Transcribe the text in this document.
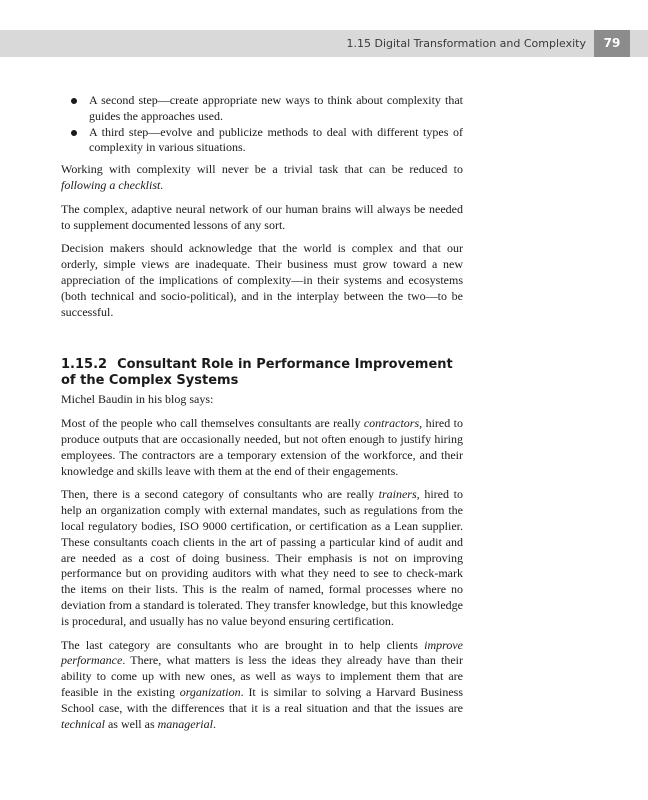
1.15 Digital Transformation and Complexity	79
A second step—create appropriate new ways to think about complexity that guides the approaches used.
A third step—evolve and publicize methods to deal with different types of complexity in various situations.

Working with complexity will never be a trivial task that can be reduced to following a checklist.

The complex, adaptive neural network of our human brains will always be needed to supplement documented lessons of any sort.

Decision makers should acknowledge that the world is complex and that our orderly, simple views are inadequate. Their business must grow toward a new appreciation of the implications of complexity—in their systems and ecosystems (both technical and socio-political), and in the interplay between the two—to be successful.

1.15.2 Consultant Role in Performance Improvement of the Complex Systems

Michel Baudin in his blog says:

Most of the people who call themselves consultants are really contractors, hired to produce outputs that are occasionally needed, but not often enough to justify hiring employees. The contractors are a temporary extension of the workforce, and their knowledge and skills leave with them at the end of their engagements.

Then, there is a second category of consultants who are really trainers, hired to help an organization comply with external mandates, such as regulations from the local regulatory bodies, ISO 9000 certification, or certification as a Lean supplier. These consultants coach clients in the art of passing a particular kind of audit and are needed as a cost of doing business. Their emphasis is not on improving performance but on providing auditors with what they need to see to check-mark the items on their lists. This is the realm of named, formal processes where no deviation from a standard is tolerated. They transfer knowledge, but this knowledge is procedural, and usually has no value beyond ensuring certification.

The last category are consultants who are brought in to help clients improve performance. There, what matters is less the ideas they already have than their ability to come up with new ones, as well as ways to implement them that are feasible in the existing organization. It is similar to solving a Harvard Business School case, with the differences that it is a real situation and that the issues are technical as well as managerial.
